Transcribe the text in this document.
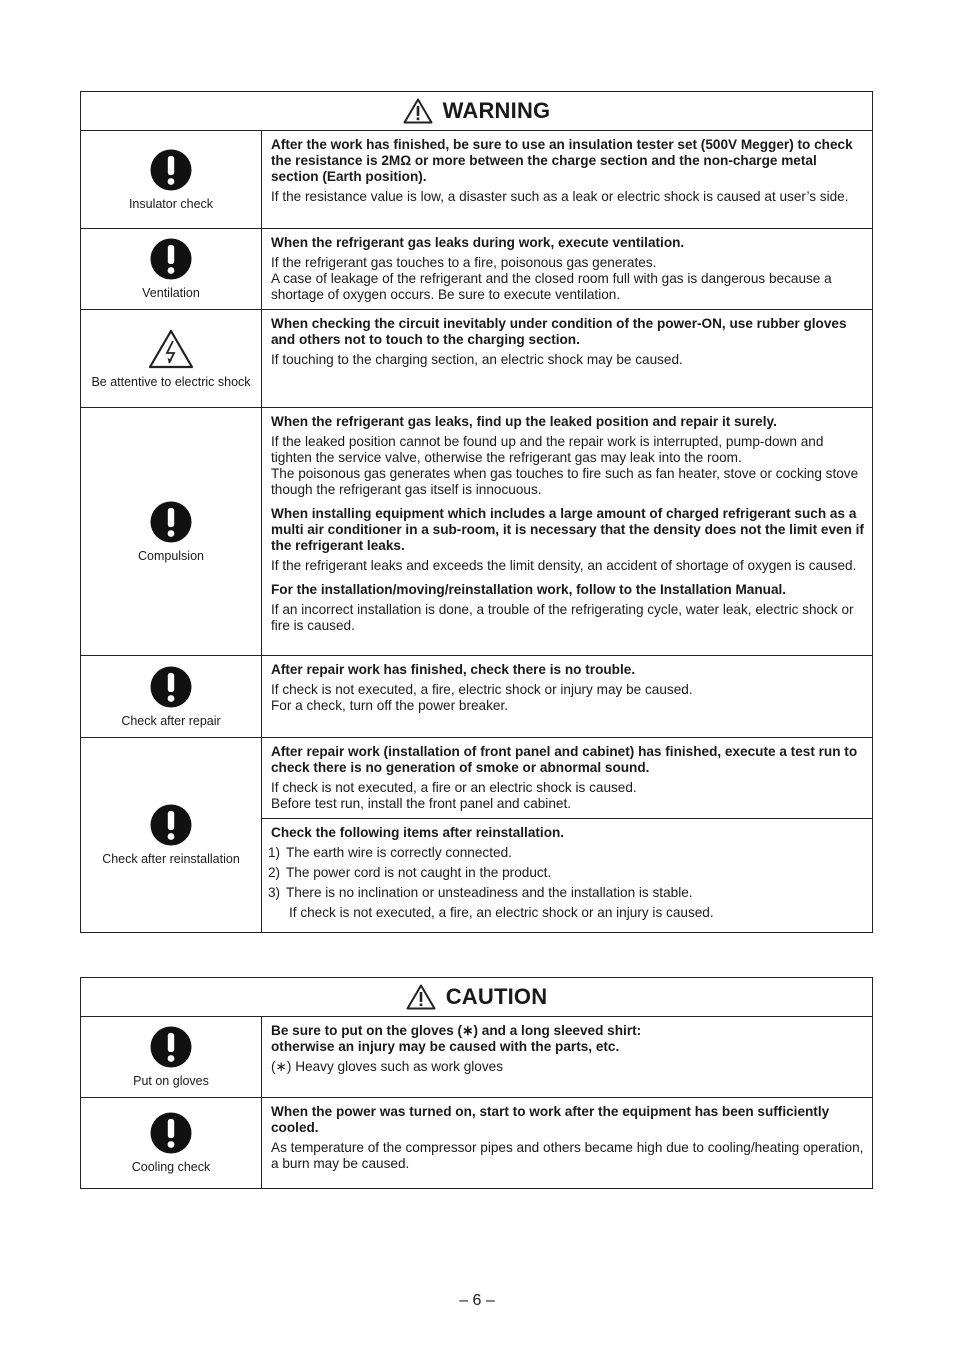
WARNING
Insulator check
After the work has finished, be sure to use an insulation tester set (500V Megger) to check the resistance is 2MΩ or more between the charge section and the non-charge metal section (Earth position).
If the resistance value is low, a disaster such as a leak or electric shock is caused at user’s side.
Ventilation
When the refrigerant gas leaks during work, execute ventilation.
If the refrigerant gas touches to a fire, poisonous gas generates.
A case of leakage of the refrigerant and the closed room full with gas is dangerous because a shortage of oxygen occurs. Be sure to execute ventilation.
Be attentive to electric shock
When checking the circuit inevitably under condition of the power-ON, use rubber gloves and others not to touch to the charging section.
If touching to the charging section, an electric shock may be caused.
Compulsion
When the refrigerant gas leaks, find up the leaked position and repair it surely.
If the leaked position cannot be found up and the repair work is interrupted, pump-down and tighten the service valve, otherwise the refrigerant gas may leak into the room.
The poisonous gas generates when gas touches to fire such as fan heater, stove or cocking stove though the refrigerant gas itself is innocuous.
When installing equipment which includes a large amount of charged refrigerant such as a multi air conditioner in a sub-room, it is necessary that the density does not the limit even if the refrigerant leaks.
If the refrigerant leaks and exceeds the limit density, an accident of shortage of oxygen is caused.
For the installation/moving/reinstallation work, follow to the Installation Manual.
If an incorrect installation is done, a trouble of the refrigerating cycle, water leak, electric shock or fire is caused.
Check after repair
After repair work has finished, check there is no trouble.
If check is not executed, a fire, electric shock or injury may be caused.
For a check, turn off the power breaker.
Check after reinstallation
After repair work (installation of front panel and cabinet) has finished, execute a test run to check there is no generation of smoke or abnormal sound.
If check is not executed, a fire or an electric shock is caused.
Before test run, install the front panel and cabinet.
Check the following items after reinstallation.
1) The earth wire is correctly connected.
2) The power cord is not caught in the product.
3) There is no inclination or unsteadiness and the installation is stable.
If check is not executed, a fire, an electric shock or an injury is caused.
CAUTION
Put on gloves
Be sure to put on the gloves (∗) and a long sleeved shirt:
otherwise an injury may be caused with the parts, etc.
(∗) Heavy gloves such as work gloves
Cooling check
When the power was turned on, start to work after the equipment has been sufficiently cooled.
As temperature of the compressor pipes and others became high due to cooling/heating operation, a burn may be caused.
– 6 –
